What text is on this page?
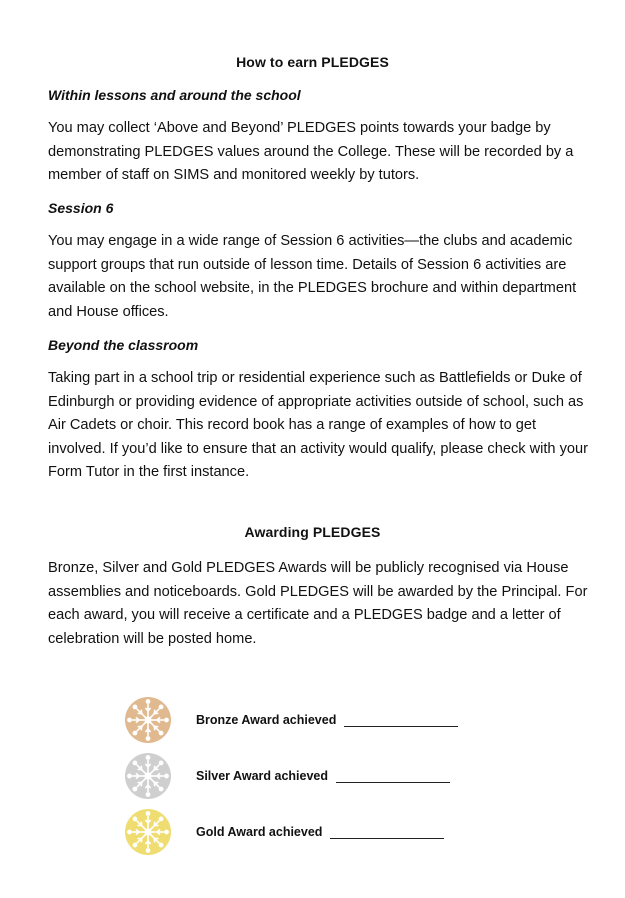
How to earn PLEDGES
Within lessons and around the school
You may collect ‘Above and Beyond’ PLEDGES points towards your badge by demonstrating PLEDGES values around the College. These will be recorded by a member of staff on SIMS and monitored weekly by tutors.
Session 6
You may engage in a wide range of Session 6 activities—the clubs and academic support groups that run outside of lesson time. Details of Session 6 activities are available on the school website, in the PLEDGES brochure and within department and House offices.
Beyond the classroom
Taking part in a school trip or residential experience such as Battlefields or Duke of Edinburgh or providing evidence of appropriate activities outside of school, such as Air Cadets or choir. This record book has a range of examples of how to get involved. If you’d like to ensure that an activity would qualify, please check with your Form Tutor in the first instance.
Awarding PLEDGES
Bronze, Silver and Gold PLEDGES Awards will be publicly recognised via House assemblies and noticeboards. Gold PLEDGES will be awarded by the Principal. For each award, you will receive a certificate and a PLEDGES badge and a letter of celebration will be posted home.
Bronze Award achieved
Silver Award achieved
Gold Award achieved
